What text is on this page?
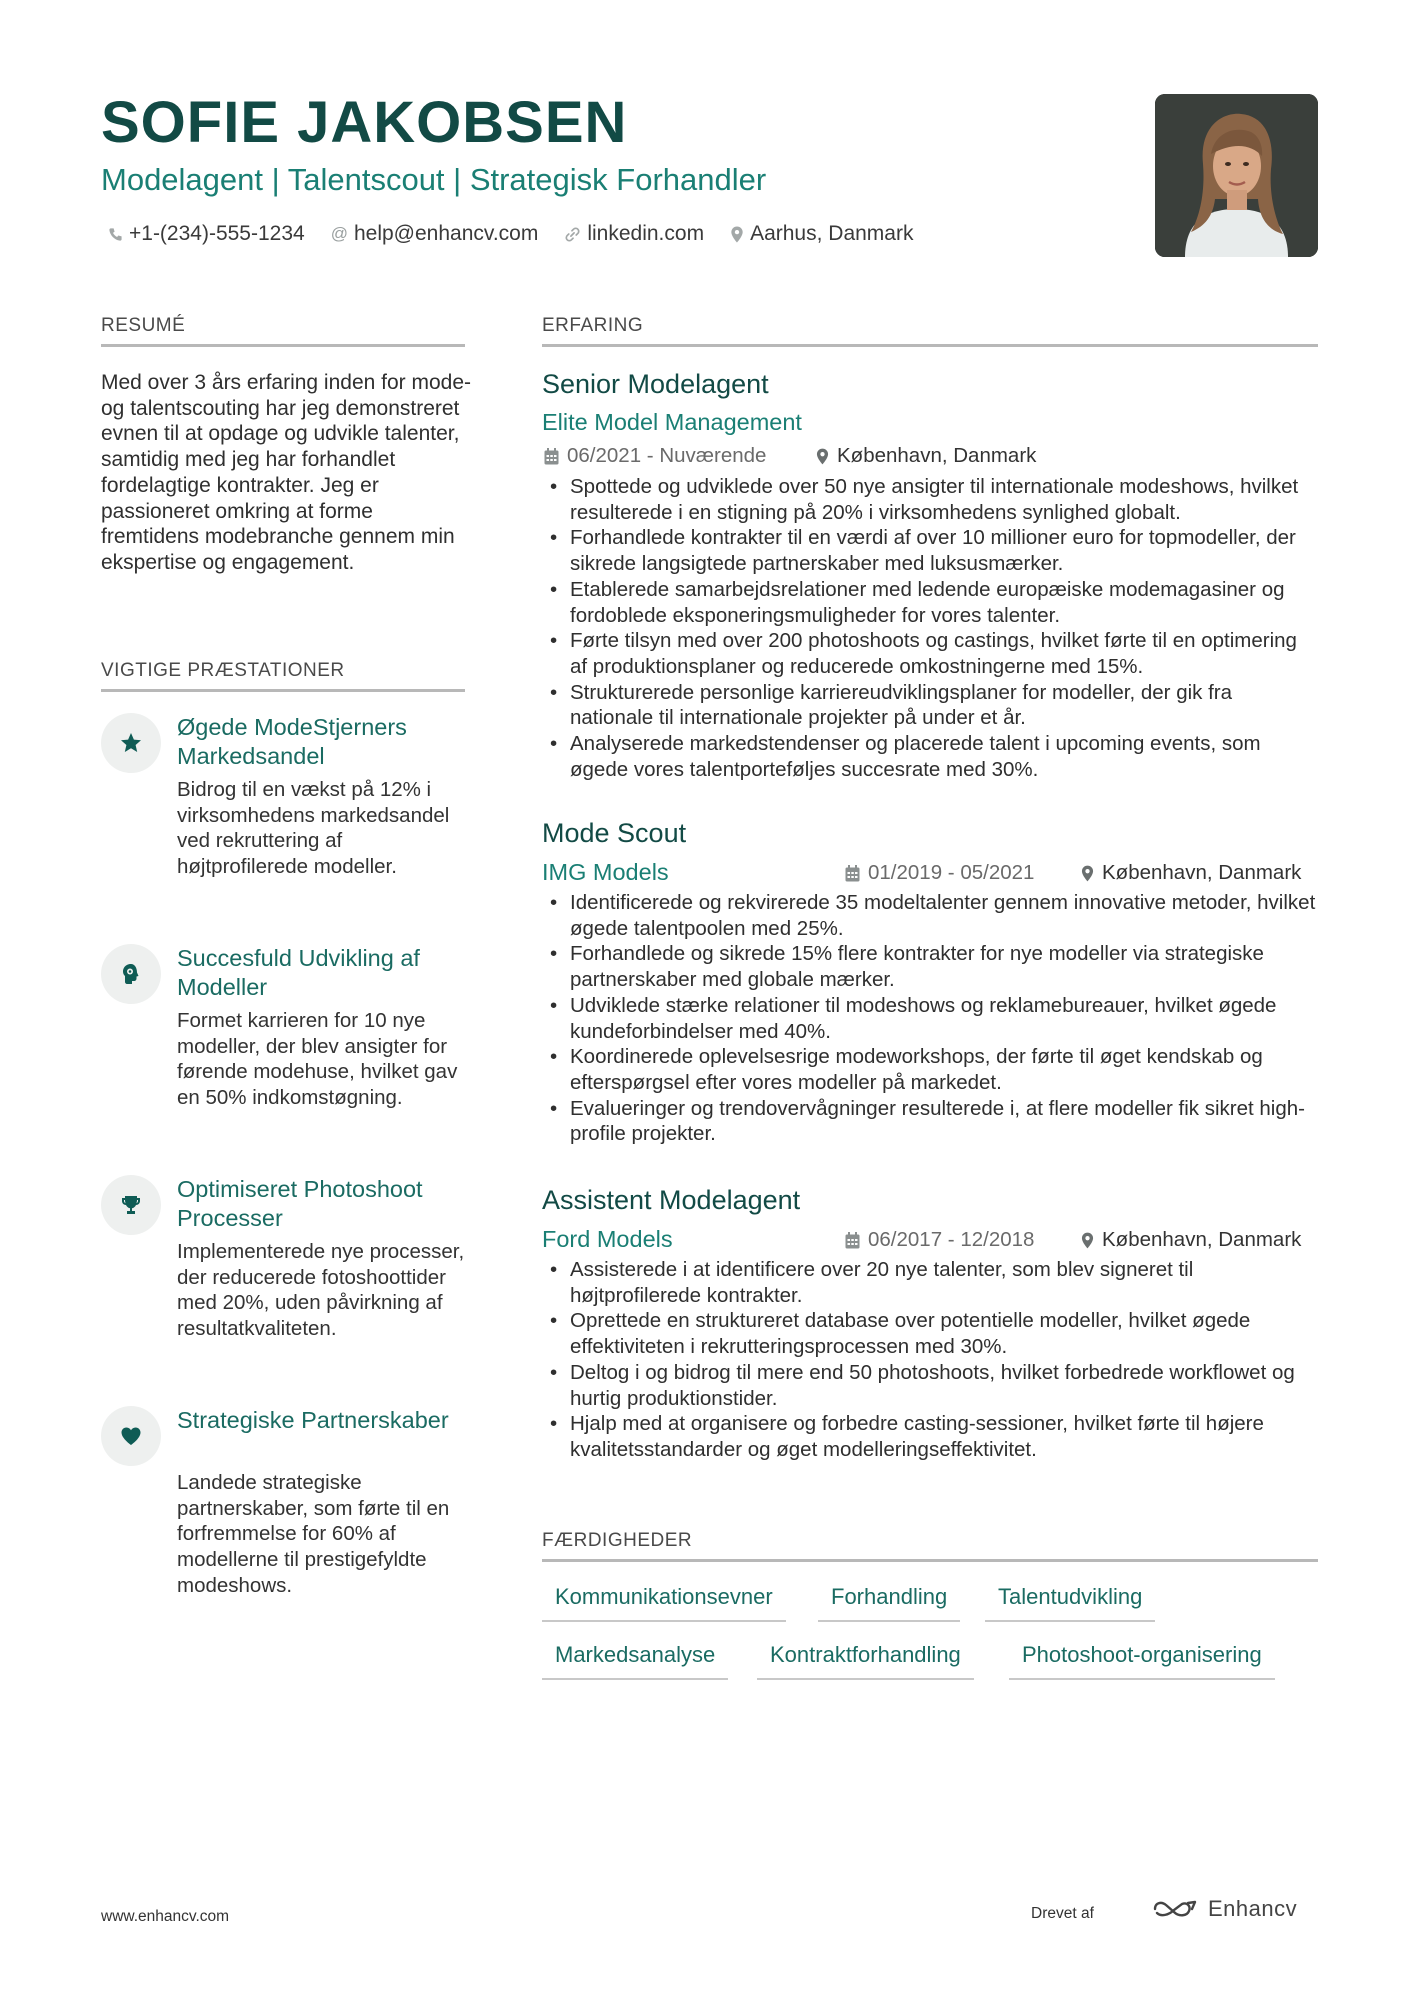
SOFIE JAKOBSEN

Modelagent | Talentscout | Strategisk Forhandler

+1-(234)-555-1234 @ help@enhancv.com linkedin.com Aarhus, Danmark
RESUMÉ

Med over 3 års erfaring inden for mode- og talentscouting har jeg demonstreret evnen til at opdage og udvikle talenter, samtidig med jeg har forhandlet fordelagtige kontrakter. Jeg er passioneret omkring at forme fremtidens modebranche gennem min ekspertise og engagement.

VIGTIGE PRÆSTATIONER
Øgede ModeStjerners Markedsandel
Bidrog til en vækst på 12% i virksomhedens markedsandel ved rekruttering af højtprofilerede modeller.
Succesfuld Udvikling af Modeller
Formet karrieren for 10 nye modeller, der blev ansigter for førende modehuse, hvilket gav en 50% indkomstøgning.
Optimiseret Photoshoot Processer
Implementerede nye processer, der reducerede fotoshoottider med 20%, uden påvirkning af resultatkvaliteten.
Strategiske Partnerskaber
Landede strategiske partnerskaber, som førte til en forfremmelse for 60% af modellerne til prestigefyldte modeshows.
ERFARING
Senior Modelagent
Elite Model Management
06/2021 - Nuværende	København, Danmark
• Spottede og udviklede over 50 nye ansigter til internationale modeshows, hvilket resulterede i en stigning på 20% i virksomhedens synlighed globalt.
• Forhandlede kontrakter til en værdi af over 10 millioner euro for topmodeller, der sikrede langsigtede partnerskaber med luksusmærker.
• Etablerede samarbejdsrelationer med ledende europæiske modemagasiner og fordoblede eksponeringsmuligheder for vores talenter.
• Førte tilsyn med over 200 photoshoots og castings, hvilket førte til en optimering af produktionsplaner og reducerede omkostningerne med 15%.
• Strukturerede personlige karriereudviklingsplaner for modeller, der gik fra nationale til internationale projekter på under et år.
• Analyserede markedstendenser og placerede talent i upcoming events, som øgede vores talentporteføljes succesrate med 30%.
Mode Scout
IMG Models	01/2019 - 05/2021	København, Danmark
• Identificerede og rekvirerede 35 modeltalenter gennem innovative metoder, hvilket øgede talentpoolen med 25%.
• Forhandlede og sikrede 15% flere kontrakter for nye modeller via strategiske partnerskaber med globale mærker.
• Udviklede stærke relationer til modeshows og reklamebureauer, hvilket øgede kundeforbindelser med 40%.
• Koordinerede oplevelsesrige modeworkshops, der førte til øget kendskab og efterspørgsel efter vores modeller på markedet.
• Evalueringer og trendovervågninger resulterede i, at flere modeller fik sikret high-profile projekter.
Assistent Modelagent
Ford Models	06/2017 - 12/2018	København, Danmark
• Assisterede i at identificere over 20 nye talenter, som blev signeret til højtprofilerede kontrakter.
• Oprettede en struktureret database over potentielle modeller, hvilket øgede effektiviteten i rekrutteringsprocessen med 30%.
• Deltog i og bidrog til mere end 50 photoshoots, hvilket forbedrede workflowet og hurtig produktionstider.
• Hjalp med at organisere og forbedre casting-sessioner, hvilket førte til højere kvalitetsstandarder og øget modelleringseffektivitet.
FÆRDIGHEDER
Kommunikationsevner	Forhandling	Talentudvikling
Markedsanalyse	Kontraktforhandling	Photoshoot-organisering
www.enhancv.com	Drevet af	Enhancv
